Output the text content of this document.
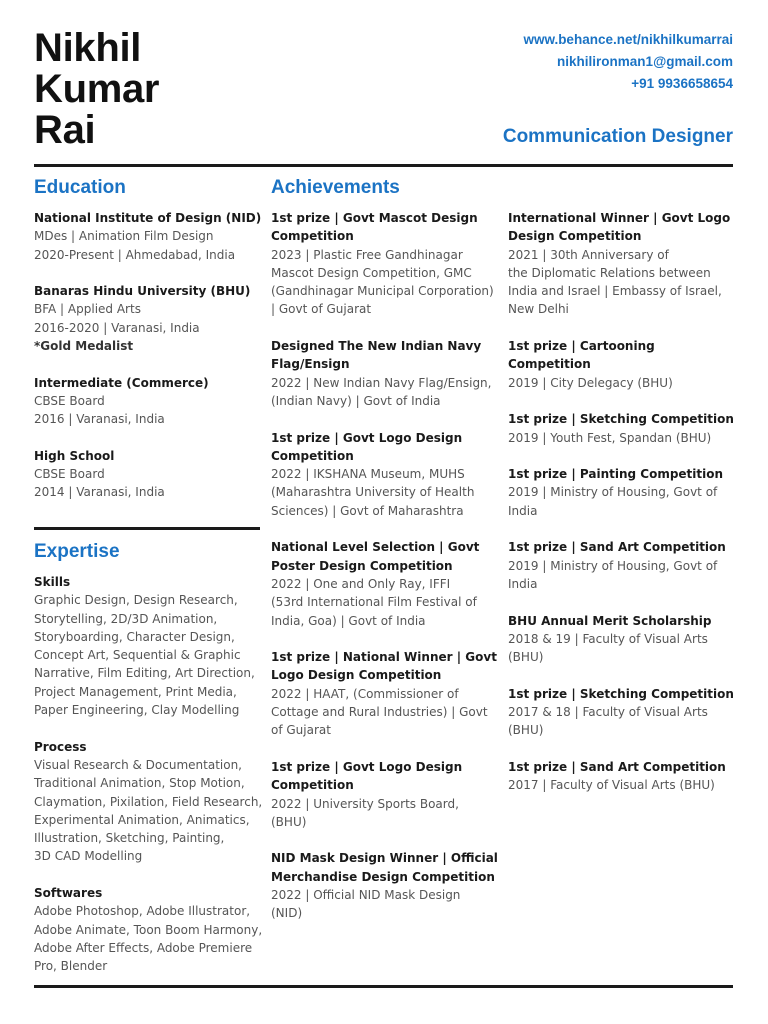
Nikhil
Kumar
Rai
www.behance.net/nikhilkumarrai
nikhilironman1@gmail.com
+91 9936658654
Communication Designer
Education	Achievements
National Institute of Design (NID)
MDes | Animation Film Design
2020-Present | Ahmedabad, India
Banaras Hindu University (BHU)
BFA | Applied Arts
2016-2020 | Varanasi, India
*Gold Medalist
Intermediate (Commerce)
CBSE Board
2016 | Varanasi, India
High School
CBSE Board
2014 | Varanasi, India
Expertise
Skills
Graphic Design, Design Research,
Storytelling, 2D/3D Animation,
Storyboarding, Character Design,
Concept Art, Sequential & Graphic
Narrative, Film Editing, Art Direction,
Project Management, Print Media,
Paper Engineering, Clay Modelling
Process
Visual Research & Documentation,
Traditional Animation, Stop Motion,
Claymation, Pixilation, Field Research,
Experimental Animation, Animatics,
Illustration, Sketching, Painting,
3D CAD Modelling
Softwares
Adobe Photoshop, Adobe Illustrator,
Adobe Animate, Toon Boom Harmony,
Adobe After Effects, Adobe Premiere
Pro, Blender
1st prize | Govt Mascot Design
Competition
2023 | Plastic Free Gandhinagar
Mascot Design Competition, GMC
(Gandhinagar Municipal Corporation)
| Govt of Gujarat
Designed The New Indian Navy
Flag/Ensign
2022 | New Indian Navy Flag/Ensign,
(Indian Navy) | Govt of India
1st prize | Govt Logo Design
Competition
2022 | IKSHANA Museum, MUHS
(Maharashtra University of Health
Sciences) | Govt of Maharashtra
National Level Selection | Govt
Poster Design Competition
2022 | One and Only Ray, IFFI
(53rd International Film Festival of
India, Goa) | Govt of India
1st prize | National Winner | Govt
Logo Design Competition
2022 | HAAT, (Commissioner of
Cottage and Rural Industries) | Govt
of Gujarat
1st prize | Govt Logo Design
Competition
2022 | University Sports Board,
(BHU)
NID Mask Design Winner | Official
Merchandise Design Competition
2022 | Official NID Mask Design
(NID)
International Winner | Govt Logo
Design Competition
2021 | 30th Anniversary of
the Diplomatic Relations between
India and Israel | Embassy of Israel,
New Delhi
1st prize | Cartooning Competition
2019 | City Delegacy (BHU)
1st prize | Sketching Competition
2019 | Youth Fest, Spandan (BHU)
1st prize | Painting Competition
2019 | Ministry of Housing, Govt of
India
1st prize | Sand Art Competition
2019 | Ministry of Housing, Govt of
India
BHU Annual Merit Scholarship
2018 & 19 | Faculty of Visual Arts
(BHU)
1st prize | Sketching Competition
2017 & 18 | Faculty of Visual Arts
(BHU)
1st prize | Sand Art Competition
2017 | Faculty of Visual Arts (BHU)
